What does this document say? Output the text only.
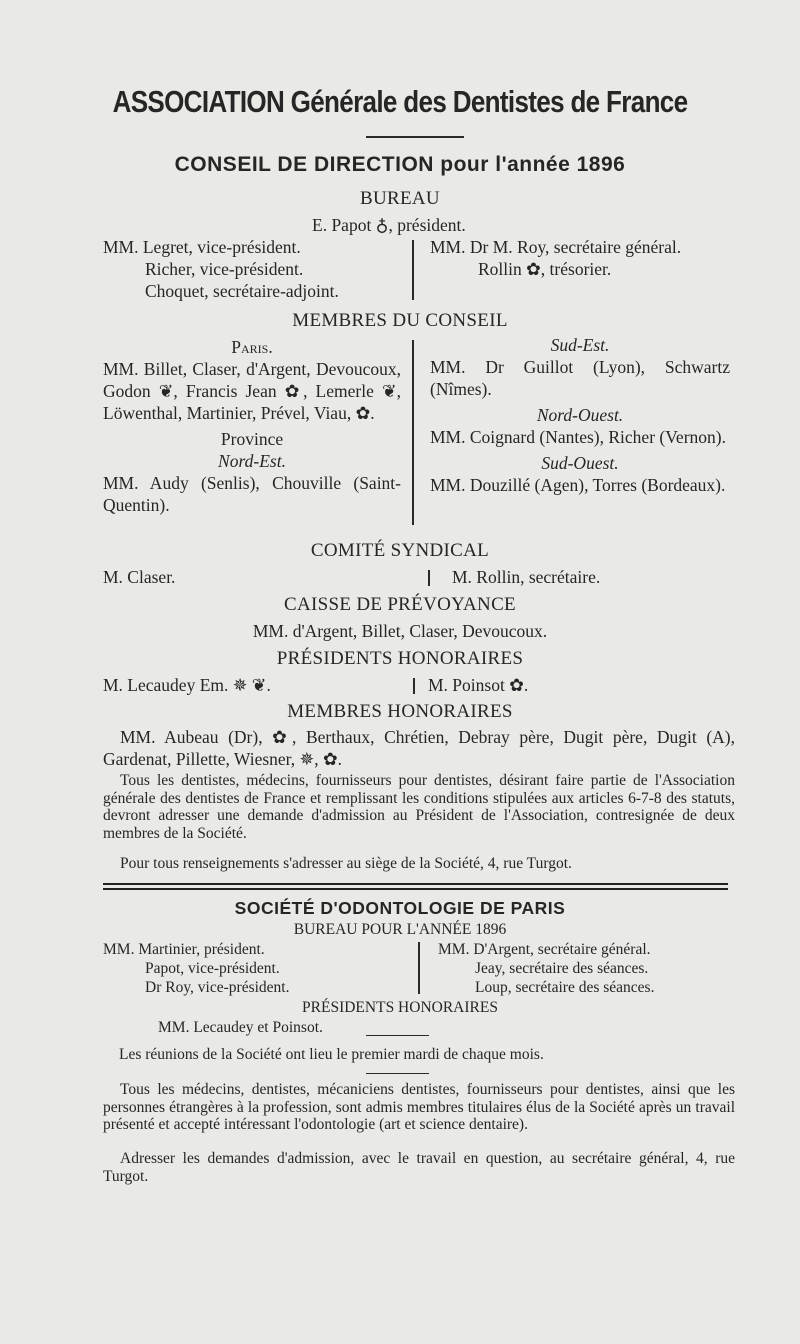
ASSOCIATION Générale des Dentistes de France
CONSEIL DE DIRECTION pour l'année 1896
BUREAU
E. Papot ♁, président.

MM. Legret, vice-président.

Richer, vice-président.

Choquet, secrétaire-adjoint.

MM. Dr M. Roy, secrétaire général.

Rollin ✿, trésorier.

MEMBRES DU CONSEIL

Paris.

MM. Billet, Claser, d'Argent, Devoucoux, Godon ❦, Francis Jean ✿, Lemerle ❦, Löwenthal, Martinier, Prével, Viau, ✿.

Province

Nord-Est.

MM. Audy (Senlis), Chouville (Saint-Quentin).

Sud-Est.

MM. Dr Guillot (Lyon), Schwartz (Nîmes).

Nord-Ouest.

MM. Coignard (Nantes), Richer (Vernon).

Sud-Ouest.

MM. Douzillé (Agen), Torres (Bordeaux).

COMITÉ SYNDICAL
M. Claser.	M. Rollin, secrétaire.
CAISSE DE PRÉVOYANCE
MM. d'Argent, Billet, Claser, Devoucoux.
PRÉSIDENTS HONORAIRES
M. Lecaudey Em. ✵ ❦.	M. Poinsot ✿.
MEMBRES HONORAIRES
MM. Aubeau (Dr), ✿, Berthaux, Chrétien, Debray père, Dugit père, Dugit (A), Gardenat, Pillette, Wiesner, ✵, ✿.
Tous les dentistes, médecins, fournisseurs pour dentistes, désirant faire partie de l'Association générale des dentistes de France et remplissant les conditions stipulées aux articles 6-7-8 des statuts, devront adresser une demande d'admission au Président de l'Association, contresignée de deux membres de la Société.
Pour tous renseignements s'adresser au siège de la Société, 4, rue Turgot.
SOCIÉTÉ D'ODONTOLOGIE DE PARIS
BUREAU POUR L'ANNÉE 1896

MM. Martinier, président.

Papot, vice-président.

Dr Roy, vice-président.

MM. D'Argent, secrétaire général.

Jeay, secrétaire des séances.

Loup, secrétaire des séances.

PRÉSIDENTS HONORAIRES
MM. Lecaudey et Poinsot.
Les réunions de la Société ont lieu le premier mardi de chaque mois.
Tous les médecins, dentistes, mécaniciens dentistes, fournisseurs pour dentistes, ainsi que les personnes étrangères à la profession, sont admis membres titulaires élus de la Société après un travail présenté et accepté intéressant l'odontologie (art et science dentaire).
Adresser les demandes d'admission, avec le travail en question, au secrétaire général, 4, rue Turgot.
